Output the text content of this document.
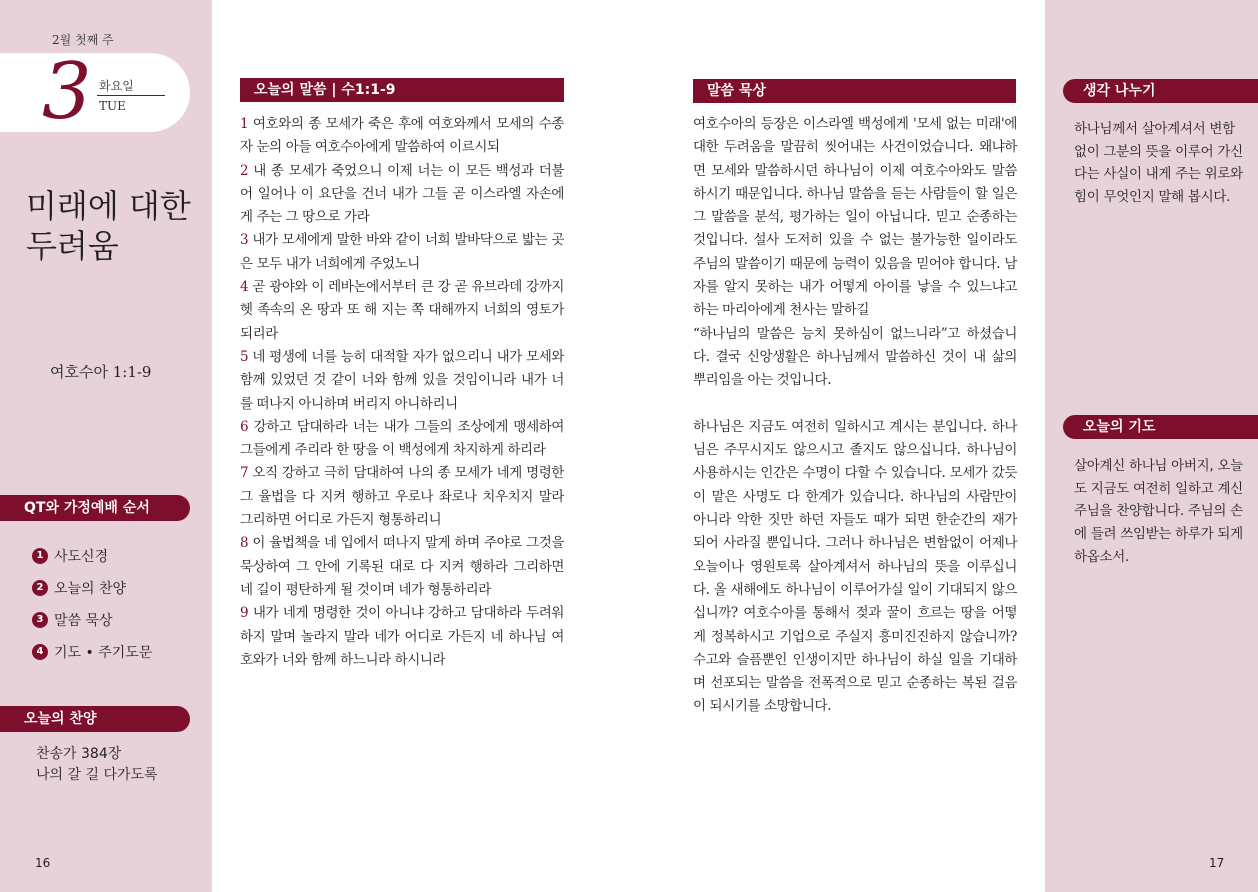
2월 첫째 주
3 화요일
TUE
미래에 대한
두려움
여호수아 1:1-9
QT와 가정예배 순서
1 사도신경
2 오늘의 찬양
3 말씀 묵상
4 기도 • 주기도문
오늘의 찬양
찬송가 384장
나의 갈 길 다가도록
16
오늘의 말씀 | 수1:1-9
1 여호와의 종 모세가 죽은 후에 여호와께서 모세의 수종자 눈의 아들 여호수아에게 말씀하여 이르시되
2 내 종 모세가 죽었으니 이제 너는 이 모든 백성과 더불어 일어나 이 요단을 건너 내가 그들 곧 이스라엘 자손에게 주는 그 땅으로 가라
3 내가 모세에게 말한 바와 같이 너희 발바닥으로 밟는 곳은 모두 내가 너희에게 주었노니
4 곧 광야와 이 레바논에서부터 큰 강 곧 유브라데 강까지 헷 족속의 온 땅과 또 해 지는 쪽 대해까지 너희의 영토가 되리라
5 네 평생에 너를 능히 대적할 자가 없으리니 내가 모세와 함께 있었던 것 같이 너와 함께 있을 것임이니라 내가 너를 떠나지 아니하며 버리지 아니하리니
6 강하고 담대하라 너는 내가 그들의 조상에게 맹세하여 그들에게 주리라 한 땅을 이 백성에게 차지하게 하리라
7 오직 강하고 극히 담대하여 나의 종 모세가 네게 명령한 그 율법을 다 지켜 행하고 우로나 좌로나 치우치지 말라 그리하면 어디로 가든지 형통하리니
8 이 율법책을 네 입에서 떠나지 말게 하며 주야로 그것을 묵상하여 그 안에 기록된 대로 다 지켜 행하라 그리하면 네 길이 평탄하게 될 것이며 네가 형통하리라
9 내가 네게 명령한 것이 아니냐 강하고 담대하라 두려워하지 말며 놀라지 말라 네가 어디로 가든지 네 하나님 여호와가 너와 함께 하느니라 하시니라
말씀 묵상

여호수아의 등장은 이스라엘 백성에게 '모세 없는 미래'에 대한 두려움을 말끔히 씻어내는 사건이었습니다. 왜냐하면 모세와 말씀하시던 하나님이 이제 여호수아와도 말씀하시기 때문입니다. 하나님 말씀을 듣는 사람들이 할 일은 그 말씀을 분석, 평가하는 일이 아닙니다. 믿고 순종하는 것입니다. 설사 도저히 있을 수 없는 불가능한 일이라도 주님의 말씀이기 때문에 능력이 있음을 믿어야 합니다. 남자를 알지 못하는 내가 어떻게 아이를 낳을 수 있느냐고 하는 마리아에게 천사는 말하길
“하나님의 말씀은 능치 못하심이 없느니라”고 하셨습니다. 결국 신앙생활은 하나님께서 말씀하신 것이 내 삶의 뿌리임을 아는 것입니다.

하나님은 지금도 여전히 일하시고 계시는 분입니다. 하나님은 주무시지도 않으시고 졸지도 않으십니다. 하나님이 사용하시는 인간은 수명이 다할 수 있습니다. 모세가 갔듯이 맡은 사명도 다 한계가 있습니다. 하나님의 사람만이 아니라 악한 짓만 하던 자들도 때가 되면 한순간의 재가 되어 사라질 뿐입니다. 그러나 하나님은 변함없이 어제나 오늘이나 영원토록 살아계셔서 하나님의 뜻을 이루십니다. 올 새해에도 하나님이 이루어가실 일이 기대되지 않으십니까? 여호수아를 통해서 젖과 꿀이 흐르는 땅을 어떻게 정복하시고 기업으로 주실지 흥미진진하지 않습니까? 수고와 슬픔뿐인 인생이지만 하나님이 하실 일을 기대하며 선포되는 말씀을 전폭적으로 믿고 순종하는 복된 걸음이 되시기를 소망합니다.

생각 나누기
하나님께서 살아계셔서 변함없이 그분의 뜻을 이루어 가신다는 사실이 내게 주는 위로와 힘이 무엇인지 말해 봅시다.
오늘의 기도
살아계신 하나님 아버지, 오늘도 지금도 여전히 일하고 계신 주님을 찬양합니다. 주님의 손에 들려 쓰임받는 하루가 되게 하옵소서.
17
